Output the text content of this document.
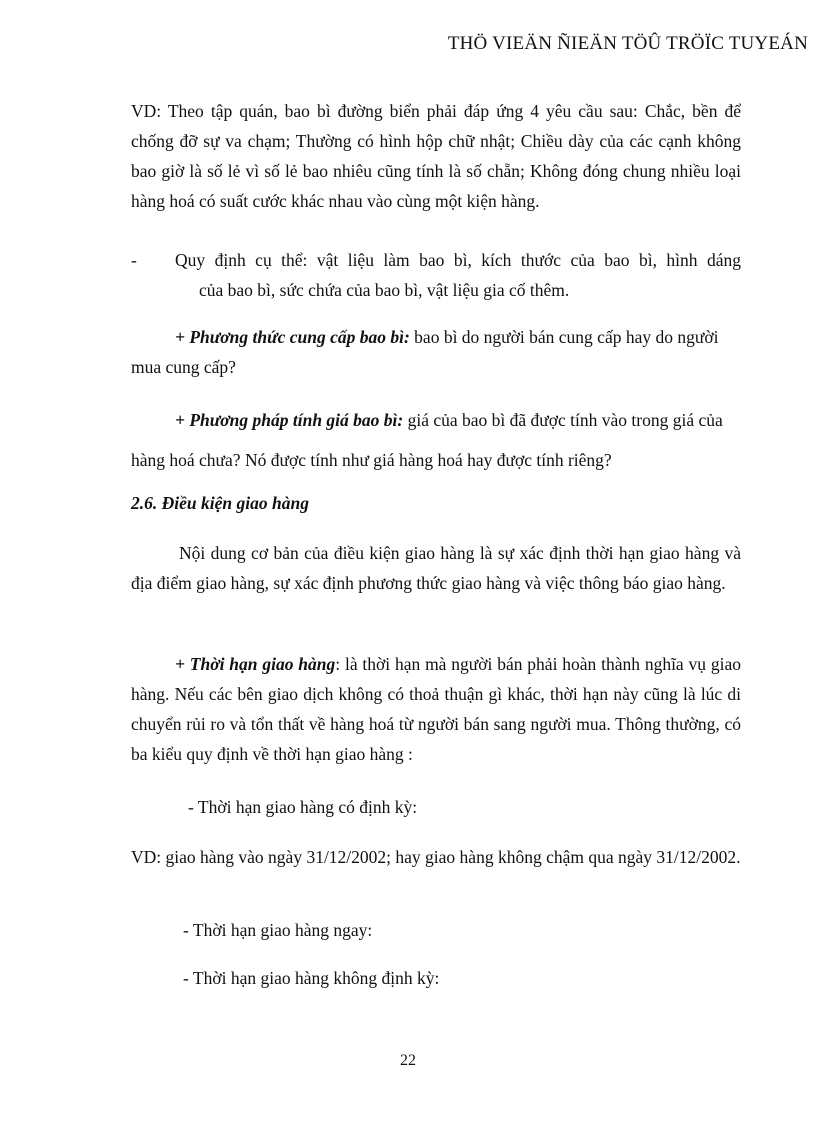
THÖ VIEÄN ÑIEÄN TÖÛ TRÖÏC TUYEÁN
VD: Theo tập quán, bao bì đường biển phải đáp ứng 4 yêu cầu sau: Chắc, bền để chống đỡ sự va chạm; Thường có hình hộp chữ nhật; Chiều dày của các cạnh không bao giờ là số lẻ vì số lẻ bao nhiêu cũng tính là số chẵn; Không đóng chung nhiều loại hàng hoá có suất cước khác nhau vào cùng một kiện hàng.
-	Quy định cụ thể: vật liệu làm bao bì, kích thước của bao bì, hình dáng
của bao bì, sức chứa của bao bì, vật liệu gia cố thêm.
+ Phương thức cung cấp bao bì: bao bì do người bán cung cấp hay do người mua cung cấp?
+ Phương pháp tính giá bao bì: giá của bao bì đã được tính vào trong giá của hàng hoá chưa? Nó được tính như giá hàng hoá hay được tính riêng?
2.6. Điều kiện giao hàng
Nội dung cơ bản của điều kiện giao hàng là sự xác định thời hạn giao hàng và địa điểm giao hàng, sự xác định phương thức giao hàng và việc thông báo giao hàng.
+ Thời hạn giao hàng: là thời hạn mà người bán phải hoàn thành nghĩa vụ giao hàng. Nếu các bên giao dịch không có thoả thuận gì khác, thời hạn này cũng là lúc di chuyển rủi ro và tổn thất về hàng hoá từ người bán sang người mua. Thông thường, có ba kiểu quy định về thời hạn giao hàng :
- Thời hạn giao hàng có định kỳ:
VD: giao hàng vào ngày 31/12/2002; hay giao hàng không chậm qua ngày 31/12/2002.
- Thời hạn giao hàng ngay:
- Thời hạn giao hàng không định kỳ:
22
